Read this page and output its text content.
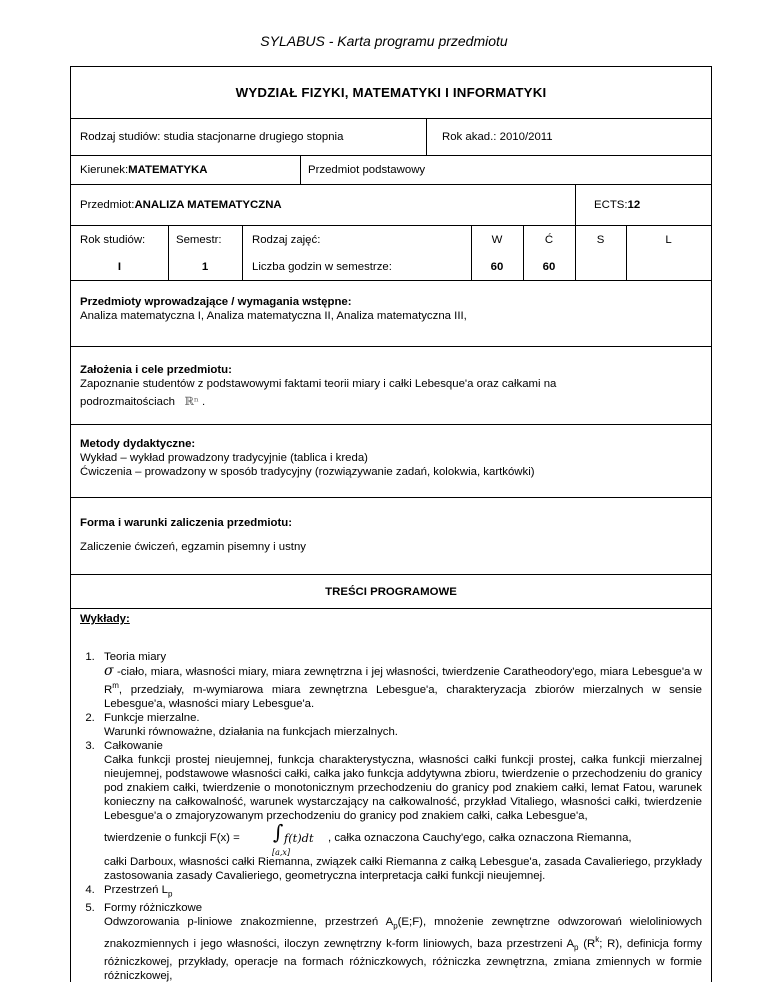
SYLABUS - Karta programu przedmiotu
WYDZIAŁ FIZYKI, MATEMATYKI I INFORMATYKI
Rodzaj studiów: studia stacjonarne drugiego stopnia	Rok akad.: 2010/2011
Kierunek: MATEMATYKA	Przedmiot podstawowy
Przedmiot: ANALIZA MATEMATYCZNA	ECTS: 12
Rok studiów:	Semestr:	Rodzaj zajęć:	W	Ć	S	L
I	1	Liczba godzin w semestrze:	60	60

Przedmioty wprowadzające / wymagania wstępne:

Analiza matematyczna I, Analiza matematyczna II, Analiza matematyczna III,

Założenia i cele przedmiotu:

Zapoznanie studentów z podstawowymi faktami teorii miary i całki Lebesque'a oraz całkami na

podrozmaitościach ℝⁿ .

Metody dydaktyczne:

Wykład – wykład prowadzony tradycyjnie (tablica i kreda)

Ćwiczenia – prowadzony w sposób tradycyjny (rozwiązywanie zadań, kolokwia, kartkówki)

Forma i warunki zaliczenia przedmiotu:

Zaliczenie ćwiczeń, egzamin pisemny i ustny

TREŚCI PROGRAMOWE

Wykłady:

1. Teoria miary
σ -ciało, miara, własności miary, miara zewnętrzna i jej własności, twierdzenie Caratheodory'ego, miara Lebesgue'a w $R^m$, przedziały, m-wymiarowa miara zewnętrzna Lebesgue'a, charakteryzacja zbiorów mierzalnych w sensie Lebesgue'a, własności miary Lebesgue'a.
2. Funkcje mierzalne.
Warunki równoważne, działania na funkcjach mierzalnych.
3. Całkowanie
Całka funkcji prostej nieujemnej, funkcja charakterystyczna, własności całki funkcji prostej, całka funkcji mierzalnej nieujemnej, podstawowe własności całki, całka jako funkcja addytywna zbioru, twierdzenie o przechodzeniu do granicy pod znakiem całki, twierdzenie o monotonicznym przechodzeniu do granicy pod znakiem całki, lemat Fatou, warunek konieczny na całkowalność, warunek wystarczający na całkowalność, przykład Vitaliego, własności całki, twierdzenie Lebesgue'a o zmajoryzowanym przechodzeniu do granicy pod znakiem całki, całka Lebesgue'a,
twierdzenie o funkcji F(x) = ∫ f(t)dt
[a,x]
, całka oznaczona Cauchy'ego, całka oznaczona Riemanna,
całki Darboux, własności całki Riemanna, związek całki Riemanna z całką Lebesgue'a, zasada Cavalieriego, przykłady zastosowania zasady Cavalieriego, geometryczna interpretacja całki funkcji nieujemnej.
4. Przestrzeń $L_p$
5. Formy różniczkowe
Odwzorowania p-liniowe znakozmienne, przestrzeń $A_p(E;F)$, mnożenie zewnętrzne odwzorowań wieloliniowych znakozmiennych i jego własności, iloczyn zewnętrzny k-form liniowych, baza przestrzeni $A_p$ ($R^k$; R), definicja formy różniczkowej, przykłady, operacje na formach różniczkowych, różniczka zewnętrzna, zmiana zmiennych w formie różniczkowej,
